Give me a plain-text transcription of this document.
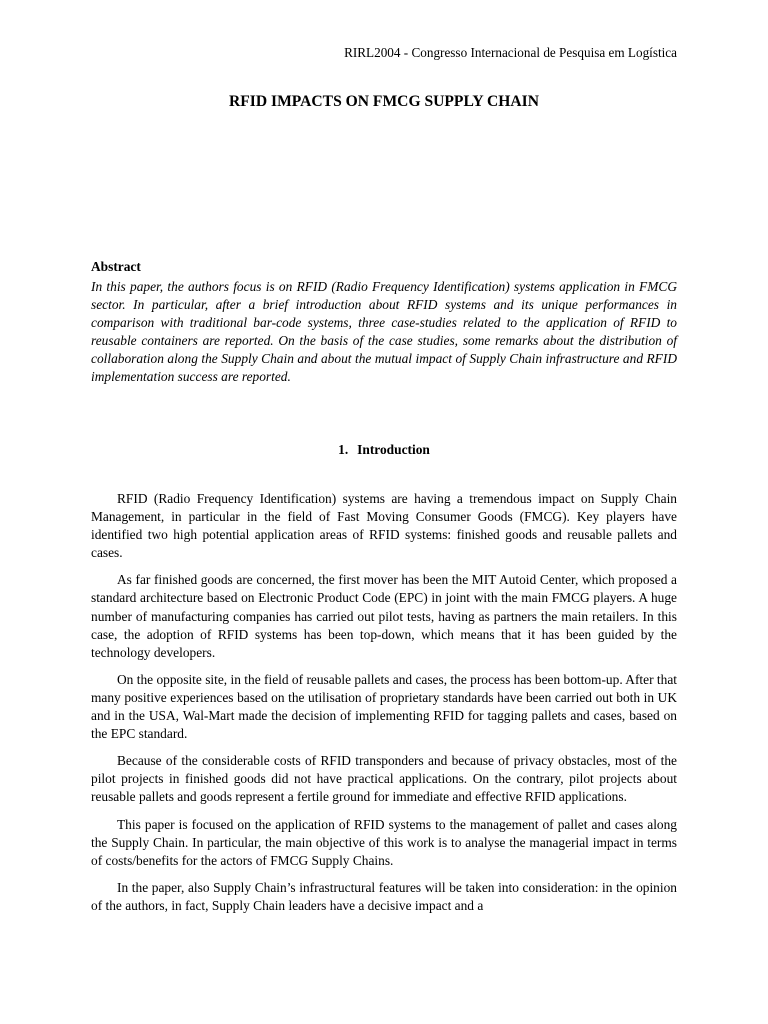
RIRL2004 - Congresso Internacional de Pesquisa em Logística
RFID IMPACTS ON FMCG SUPPLY CHAIN
Abstract

In this paper, the authors focus is on RFID (Radio Frequency Identification) systems application in FMCG sector. In particular, after a brief introduction about RFID systems and its unique performances in comparison with traditional bar-code systems, three case-studies related to the application of RFID to reusable containers are reported. On the basis of the case studies, some remarks about the distribution of collaboration along the Supply Chain and about the mutual impact of Supply Chain infrastructure and RFID implementation success are reported.

1. Introduction

RFID (Radio Frequency Identification) systems are having a tremendous impact on Supply Chain Management, in particular in the field of Fast Moving Consumer Goods (FMCG). Key players have identified two high potential application areas of RFID systems: finished goods and reusable pallets and cases.

As far finished goods are concerned, the first mover has been the MIT Autoid Center, which proposed a standard architecture based on Electronic Product Code (EPC) in joint with the main FMCG players. A huge number of manufacturing companies has carried out pilot tests, having as partners the main retailers. In this case, the adoption of RFID systems has been top-down, which means that it has been guided by the technology developers.

On the opposite site, in the field of reusable pallets and cases, the process has been bottom-up. After that many positive experiences based on the utilisation of proprietary standards have been carried out both in UK and in the USA, Wal-Mart made the decision of implementing RFID for tagging pallets and cases, based on the EPC standard.

Because of the considerable costs of RFID transponders and because of privacy obstacles, most of the pilot projects in finished goods did not have practical applications. On the contrary, pilot projects about reusable pallets and goods represent a fertile ground for immediate and effective RFID applications.

This paper is focused on the application of RFID systems to the management of pallet and cases along the Supply Chain. In particular, the main objective of this work is to analyse the managerial impact in terms of costs/benefits for the actors of FMCG Supply Chains.

In the paper, also Supply Chain’s infrastructural features will be taken into consideration: in the opinion of the authors, in fact, Supply Chain leaders have a decisive impact and a
